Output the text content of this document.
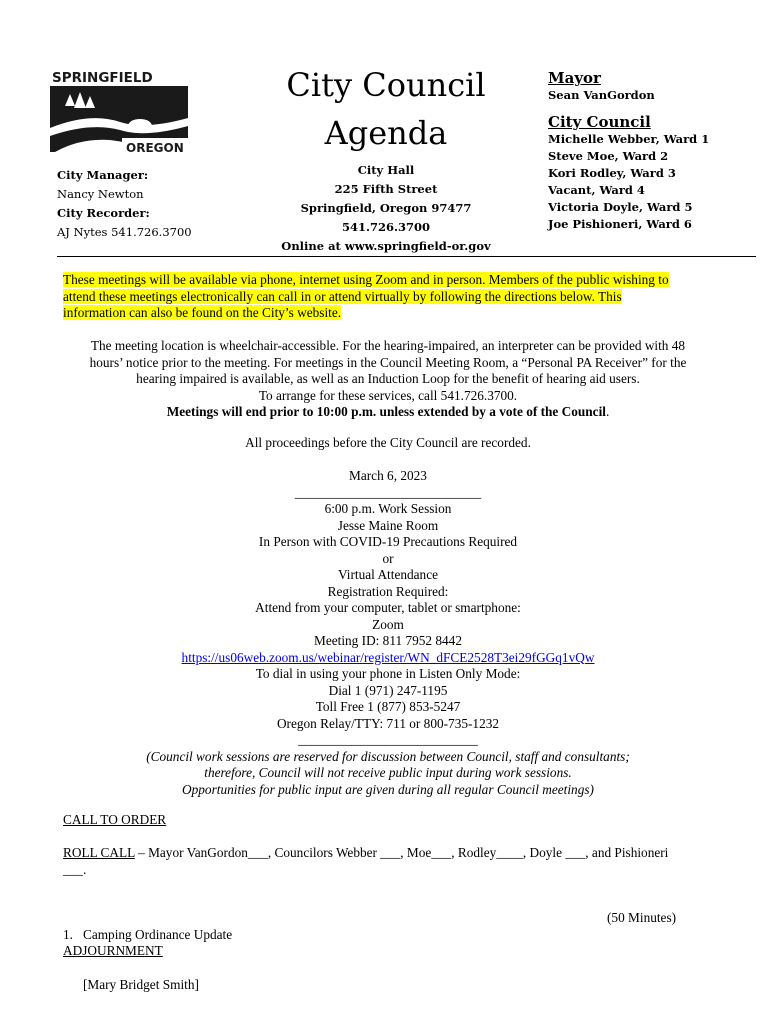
SPRINGFIELD
OREGON
City Manager:
Nancy Newton
City Recorder:
AJ Nytes 541.726.3700
City Council
Agenda
City Hall
225 Fifth Street
Springfield, Oregon 97477
541.726.3700
Online at www.springfield-or.gov
Mayor
Sean VanGordon
City Council
Michelle Webber, Ward 1
Steve Moe, Ward 2
Kori Rodley, Ward 3
Vacant, Ward 4
Victoria Doyle, Ward 5
Joe Pishioneri, Ward 6
These meetings will be available via phone, internet using Zoom and in person. Members of the public wishing to
attend these meetings electronically can call in or attend virtually by following the directions below. This
information can also be found on the City’s website.
The meeting location is wheelchair-accessible. For the hearing-impaired, an interpreter can be provided with 48
hours’ notice prior to the meeting. For meetings in the Council Meeting Room, a “Personal PA Receiver” for the
hearing impaired is available, as well as an Induction Loop for the benefit of hearing aid users.
To arrange for these services, call 541.726.3700.
Meetings will end prior to 10:00 p.m. unless extended by a vote of the Council.
All proceedings before the City Council are recorded.
March 6, 2023
____________________________
6:00 p.m. Work Session
Jesse Maine Room
In Person with COVID-19 Precautions Required
or
Virtual Attendance
Registration Required:
Attend from your computer, tablet or smartphone:
Zoom
Meeting ID: 811 7952 8442
https://us06web.zoom.us/webinar/register/WN_dFCE2528T3ei29fGGq1vQw
To dial in using your phone in Listen Only Mode:
Dial 1 (971) 247-1195
Toll Free 1 (877) 853-5247
Oregon Relay/TTY: 711 or 800-735-1232
___________________________
(Council work sessions are reserved for discussion between Council, staff and consultants;
therefore, Council will not receive public input during work sessions.
Opportunities for public input are given during all regular Council meetings)
CALL TO ORDER
ROLL CALL – Mayor VanGordon___, Councilors Webber ___, Moe___, Rodley____, Doyle ___, and Pishioneri
___.

1.   Camping Ordinance Update

[Mary Bridget Smith]

(50 Minutes)
ADJOURNMENT
